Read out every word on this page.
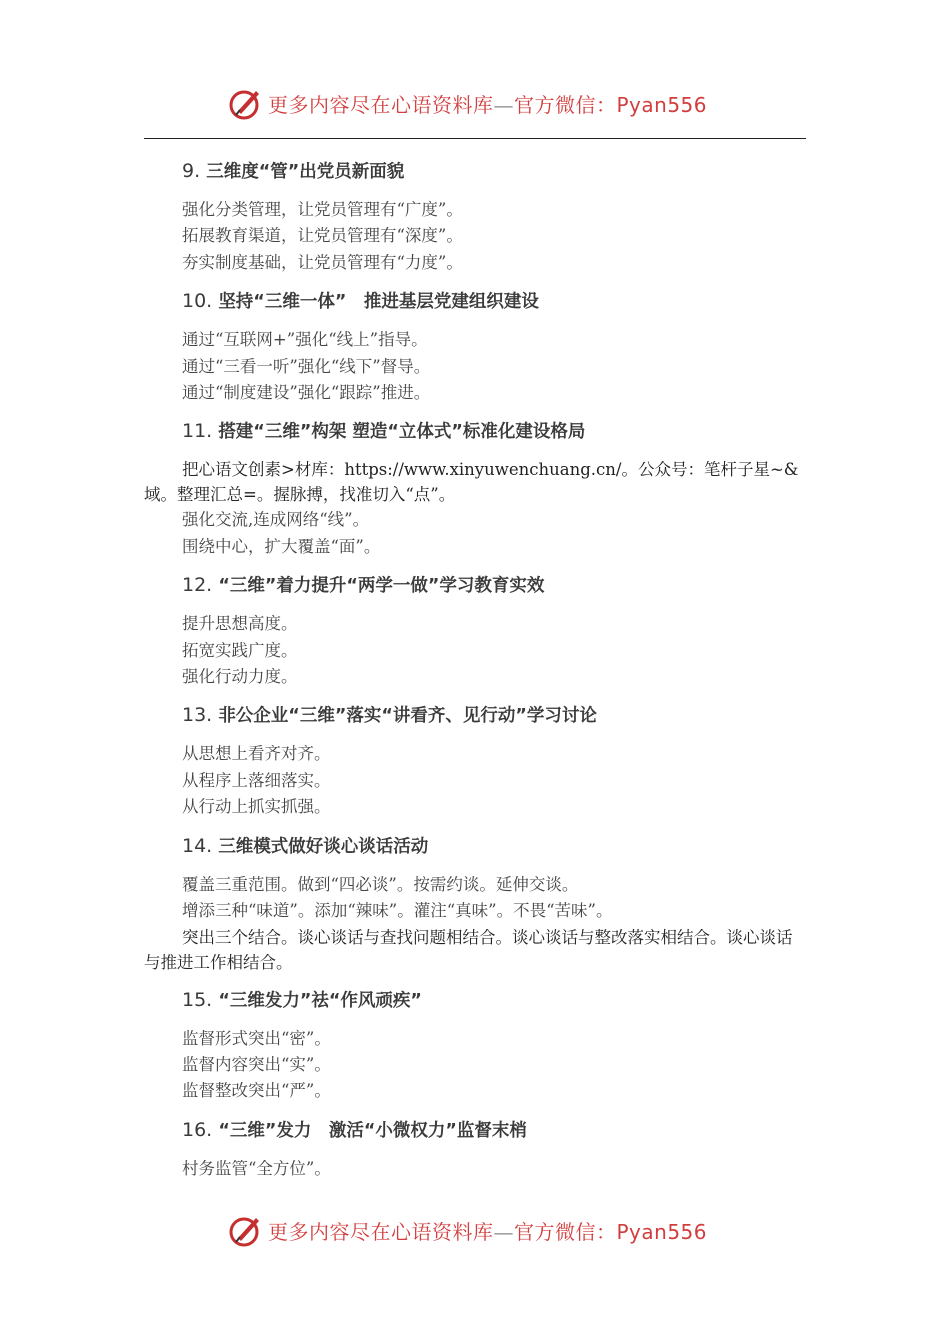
更多内容尽在心语资料库—官方微信：Pyan556

9. 三维度“管”出党员新面貌

强化分类管理，让党员管理有“广度”。

拓展教育渠道，让党员管理有“深度”。

夯实制度基础，让党员管理有“力度”。

10. 坚持“三维一体”　推进基层党建组织建设

通过“互联网+”强化“线上”指导。

通过“三看一听”强化“线下”督导。

通过“制度建设”强化“跟踪”推进。

11. 搭建“三维”构架 塑造“立体式”标准化建设格局

把心语文创素>材库：https://www.xinyuwenchuang.cn/。公众号：笔杆子星~&域。整理汇总=。握脉搏，找准切入“点”。

强化交流,连成网络“线”。

围绕中心，扩大覆盖“面”。

12. “三维”着力提升“两学一做”学习教育实效

提升思想高度。

拓宽实践广度。

强化行动力度。

13. 非公企业“三维”落实“讲看齐、见行动”学习讨论

从思想上看齐对齐。

从程序上落细落实。

从行动上抓实抓强。

14. 三维模式做好谈心谈话活动

覆盖三重范围。做到“四必谈”。按需约谈。延伸交谈。

增添三种“味道”。添加“辣味”。灌注“真味”。不畏“苦味”。

突出三个结合。谈心谈话与查找问题相结合。谈心谈话与整改落实相结合。谈心谈话与推进工作相结合。

15. “三维发力”祛“作风顽疾”

监督形式突出“密”。

监督内容突出“实”。

监督整改突出“严”。

16. “三维”发力　激活“小微权力”监督末梢

村务监管“全方位”。

更多内容尽在心语资料库—官方微信：Pyan556
